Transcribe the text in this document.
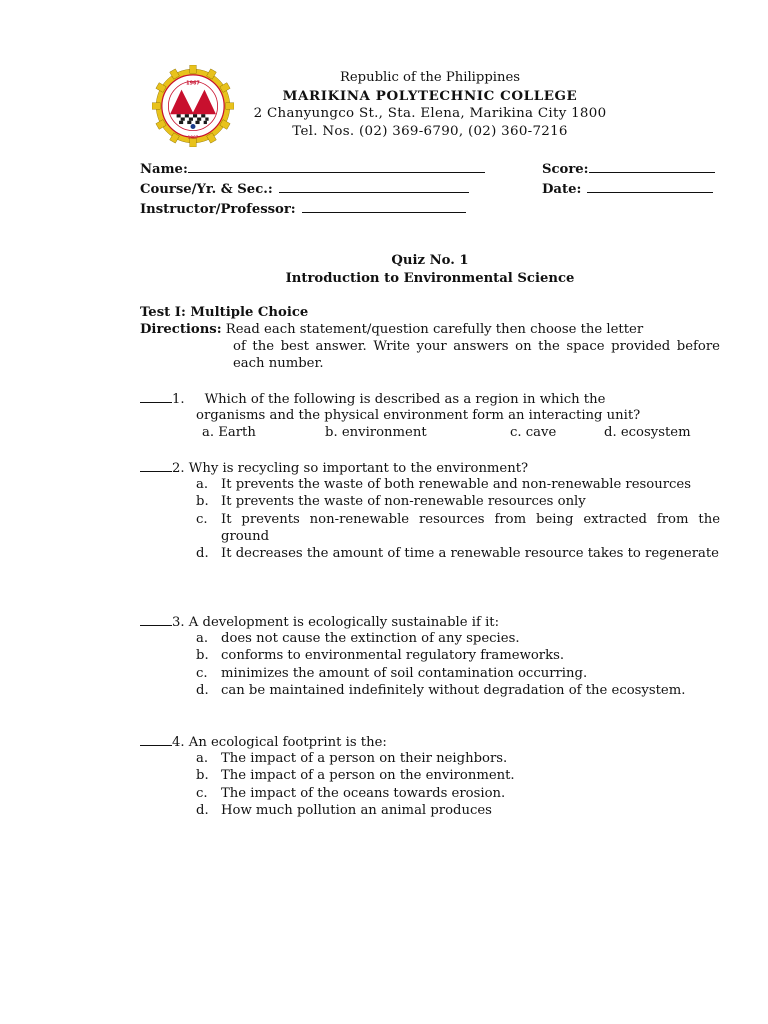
1967
1967
Republic of the Philippines
MARIKINA POLYTECHNIC COLLEGE
2 Chanyungco St., Sta. Elena, Marikina City 1800
Tel. Nos. (02) 369-6790, (02) 360-7216
Name:
Course/Yr. & Sec.:
Instructor/Professor:
Score:
Date:
Quiz No. 1
Introduction to Environmental Science
Test I: Multiple Choice
Directions: Read each statement/question carefully then choose the letter
of the best answer. Write your answers on the space provided before each number.
1. Which of the following is described as a region in which the
organisms and the physical environment form an interacting unit?
a. Earth	b. environment	c. cave	d. ecosystem
2. Why is recycling so important to the environment?
a. It prevents the waste of both renewable and non-renewable resources
b. It prevents the waste of non-renewable resources only
c. It prevents non-renewable resources from being extracted from the ground
d. It decreases the amount of time a renewable resource takes to regenerate
3. A development is ecologically sustainable if it:
a. does not cause the extinction of any species.
b. conforms to environmental regulatory frameworks.
c. minimizes the amount of soil contamination occurring.
d. can be maintained indefinitely without degradation of the ecosystem.
4. An ecological footprint is the:
a. The impact of a person on their neighbors.
b. The impact of a person on the environment.
c. The impact of the oceans towards erosion.
d. How much pollution an animal produces
